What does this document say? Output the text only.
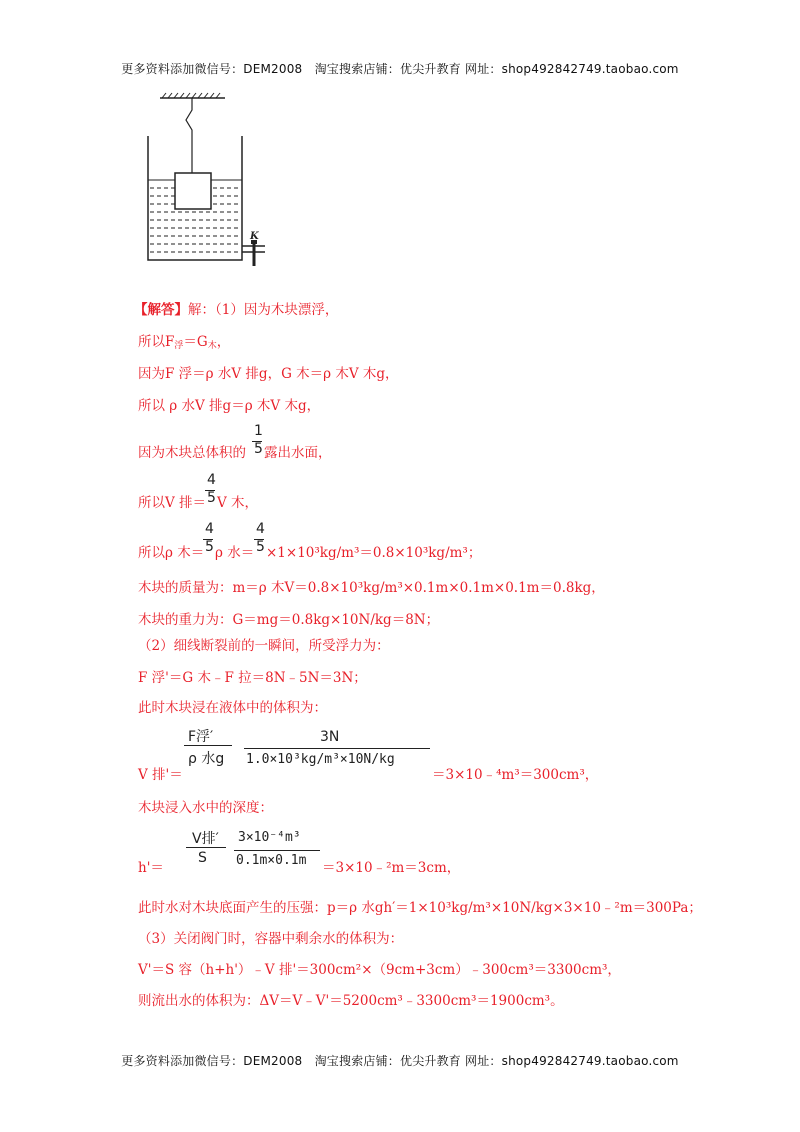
更多资料添加微信号：DEM2008　淘宝搜索店铺：优尖升教育 网址：shop492842749.taobao.com
K
【解答】解：（1）因为木块漂浮，
所以$F_浮=G_木$，
因为F 浮＝ρ 水V 排g，G 木＝ρ 木V 木g，
所以 ρ 水V 排g＝ρ 木V 木g，
因为木块总体积的
1
5 露出水面，
所以V 排＝
4
5 V 木，
所以ρ 木＝
4
5 ρ 水＝
4
5 ×1×10³kg/m³＝0.8×10³kg/m³；
木块的质量为：m＝ρ 木V＝0.8×10³kg/m³×0.1m×0.1m×0.1m＝0.8kg，
木块的重力为：G＝mg＝0.8kg×10N/kg＝8N；
（2）细线断裂前的一瞬间，所受浮力为：
F 浮'＝G 木﹣F 拉＝8N﹣5N＝3N；
此时木块浸在液体中的体积为：
V 排'＝
F浮′
ρ 水g
3N
1.0×10³kg/m³×10N/kg
＝3×10﹣⁴m³＝300cm³，
木块浸入水中的深度：
h'＝
V排′
S
3×10⁻⁴m³
0.1m×0.1m ＝3×10﹣²m＝3cm，
此时水对木块底面产生的压强：p＝ρ 水gh′＝1×10³kg/m³×10N/kg×3×10﹣²m＝300Pa；
（3）关闭阀门时，容器中剩余水的体积为：
V'＝S 容（h+h'）﹣V 排'＝300cm²×（9cm+3cm）﹣300cm³＝3300cm³，
则流出水的体积为：ΔV＝V﹣V'＝5200cm³﹣3300cm³＝1900cm³。
更多资料添加微信号：DEM2008　淘宝搜索店铺：优尖升教育 网址：shop492842749.taobao.com
